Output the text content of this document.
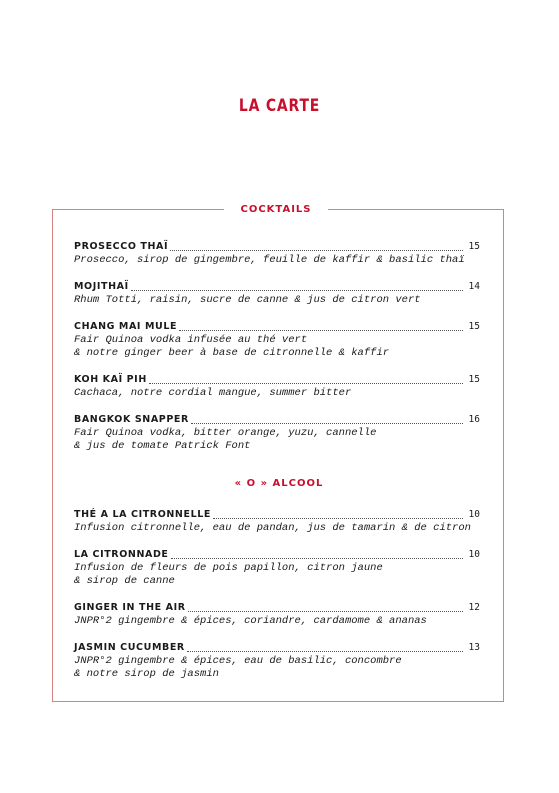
LA CARTE
COCKTAILS
PROSECCO THAÏ	15
Prosecco, sirop de gingembre, feuille de kaffir & basilic thaï
MOJITHAÏ	14
Rhum Totti, raisin, sucre de canne & jus de citron vert
CHANG MAI MULE	15
Fair Quinoa vodka infusée au thé vert
& notre ginger beer à base de citronnelle & kaffir
KOH KAÏ PIH	15
Cachaca, notre cordial mangue, summer bitter
BANGKOK SNAPPER	16
Fair Quinoa vodka, bitter orange, yuzu, cannelle
& jus de tomate Patrick Font
« O » ALCOOL
THÉ A LA CITRONNELLE	10
Infusion citronnelle, eau de pandan, jus de tamarin & de citron
LA CITRONNADE	10
Infusion de fleurs de pois papillon, citron jaune
& sirop de canne
GINGER IN THE AIR	12
JNPR°2 gingembre & épices, coriandre, cardamome & ananas
JASMIN CUCUMBER	13
JNPR°2 gingembre & épices, eau de basilic, concombre
& notre sirop de jasmin
